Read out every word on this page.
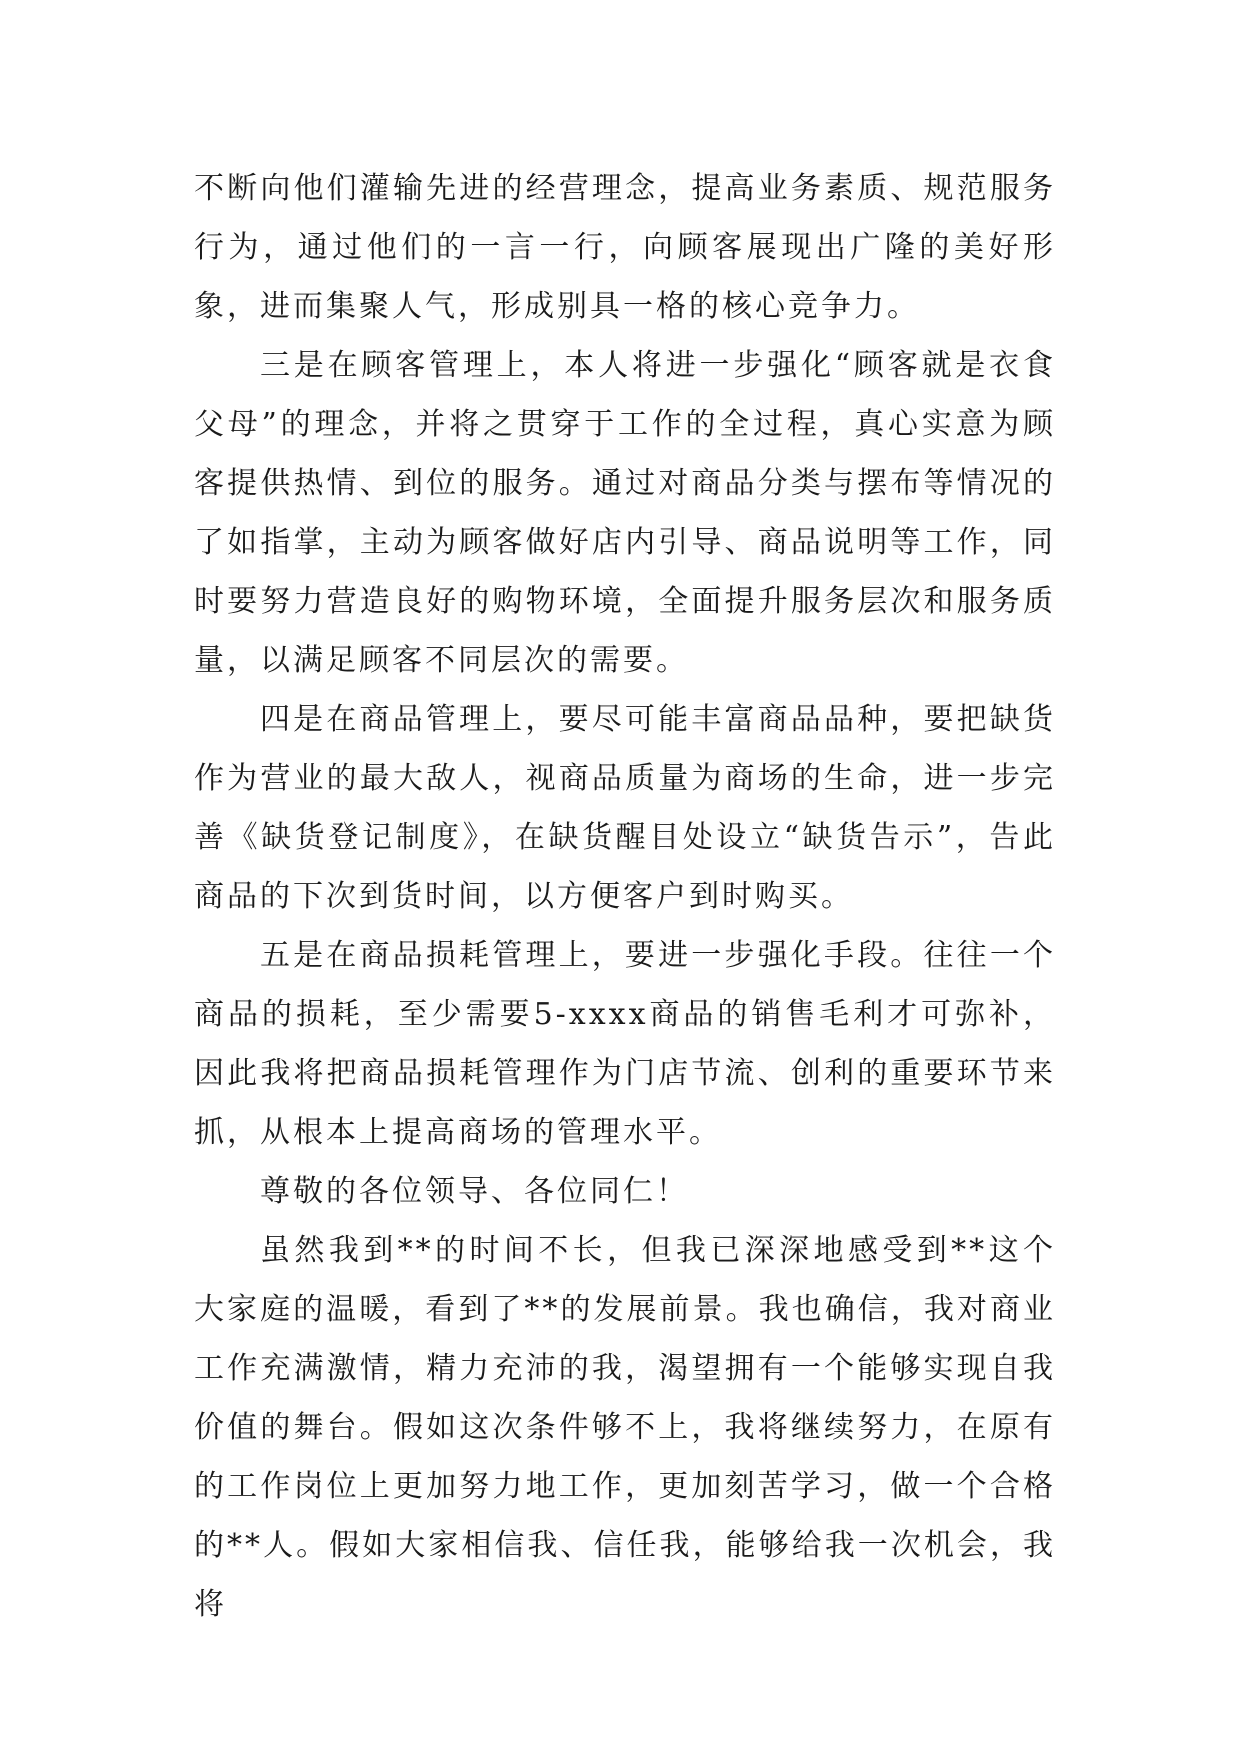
不断向他们灌输先进的经营理念，提高业务素质、规范服务行为，通过他们的一言一行，向顾客展现出广隆的美好形象，进而集聚人气，形成别具一格的核心竞争力。

三是在顾客管理上，本人将进一步强化“顾客就是衣食父母”的理念，并将之贯穿于工作的全过程，真心实意为顾客提供热情、到位的服务。通过对商品分类与摆布等情况的了如指掌，主动为顾客做好店内引导、商品说明等工作，同时要努力营造良好的购物环境，全面提升服务层次和服务质量，以满足顾客不同层次的需要。

四是在商品管理上，要尽可能丰富商品品种，要把缺货作为营业的最大敌人，视商品质量为商场的生命，进一步完善《缺货登记制度》，在缺货醒目处设立“缺货告示”，告此商品的下次到货时间，以方便客户到时购买。

五是在商品损耗管理上，要进一步强化手段。往往一个商品的损耗，至少需要5-xxxx商品的销售毛利才可弥补，因此我将把商品损耗管理作为门店节流、创利的重要环节来抓，从根本上提高商场的管理水平。

尊敬的各位领导、各位同仁！

虽然我到**的时间不长，但我已深深地感受到**这个大家庭的温暖，看到了**的发展前景。我也确信，我对商业工作充满激情，精力充沛的我，渴望拥有一个能够实现自我价值的舞台。假如这次条件够不上，我将继续努力，在原有的工作岗位上更加努力地工作，更加刻苦学习，做一个合格的**人。假如大家相信我、信任我，能够给我一次机会，我将
